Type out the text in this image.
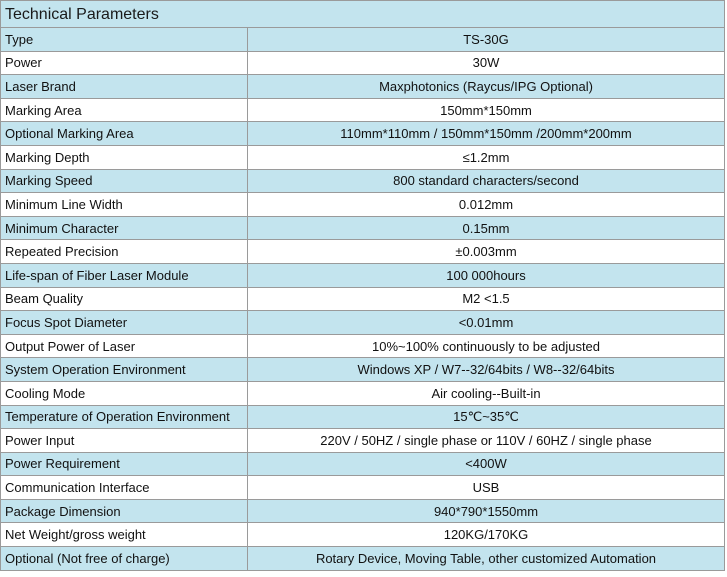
Technical Parameters
Type	TS-30G
Power	30W
Laser Brand	Maxphotonics (Raycus/IPG Optional)
Marking Area	150mm*150mm
Optional Marking Area	110mm*110mm / 150mm*150mm /200mm*200mm
Marking Depth	≤1.2mm
Marking Speed	800 standard characters/second
Minimum Line Width	0.012mm
Minimum Character	0.15mm
Repeated Precision	±0.003mm
Life-span of Fiber Laser Module	100 000hours
Beam Quality	M2 <1.5
Focus Spot Diameter	<0.01mm
Output Power of Laser	10%~100% continuously to be adjusted
System Operation Environment	Windows XP / W7--32/64bits / W8--32/64bits
Cooling Mode	Air cooling--Built-in
Temperature of Operation Environment	15℃~35℃
Power Input	220V / 50HZ / single phase or 110V / 60HZ / single phase
Power Requirement	<400W
Communication Interface	USB
Package Dimension	940*790*1550mm
Net Weight/gross weight	120KG/170KG
Optional (Not free of charge)	Rotary Device, Moving Table, other customized Automation
